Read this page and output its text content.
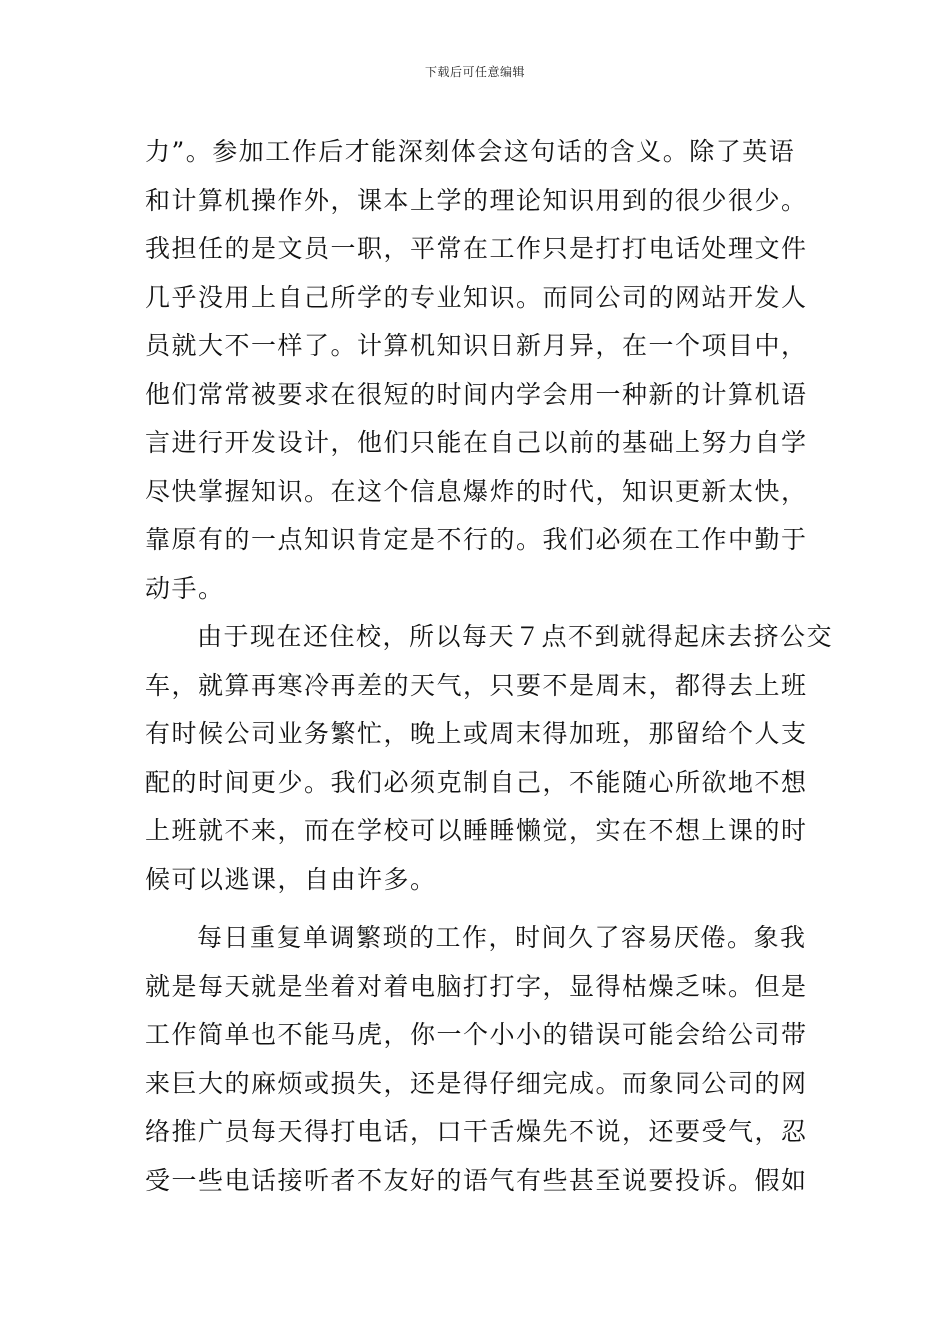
下载后可任意编辑
力”。参加工作后才能深刻体会这句话的含义。除了英语
和计算机操作外，课本上学的理论知识用到的很少很少。
我担任的是文员一职，平常在工作只是打打电话处理文件
几乎没用上自己所学的专业知识。而同公司的网站开发人
员就大不一样了。计算机知识日新月异，在一个项目中，
他们常常被要求在很短的时间内学会用一种新的计算机语
言进行开发设计，他们只能在自己以前的基础上努力自学
尽快掌握知识。在这个信息爆炸的时代，知识更新太快，
靠原有的一点知识肯定是不行的。我们必须在工作中勤于
动手。
由于现在还住校，所以每天７点不到就得起床去挤公交
车，就算再寒冷再差的天气，只要不是周末，都得去上班
有时候公司业务繁忙，晚上或周末得加班，那留给个人支
配的时间更少。我们必须克制自己，不能随心所欲地不想
上班就不来，而在学校可以睡睡懒觉，实在不想上课的时
候可以逃课，自由许多。
每日重复单调繁琐的工作，时间久了容易厌倦。象我
就是每天就是坐着对着电脑打打字，显得枯燥乏味。但是
工作简单也不能马虎，你一个小小的错误可能会给公司带
来巨大的麻烦或损失，还是得仔细完成。而象同公司的网
络推广员每天得打电话，口干舌燥先不说，还要受气，忍
受一些电话接听者不友好的语气有些甚至说要投诉。假如
